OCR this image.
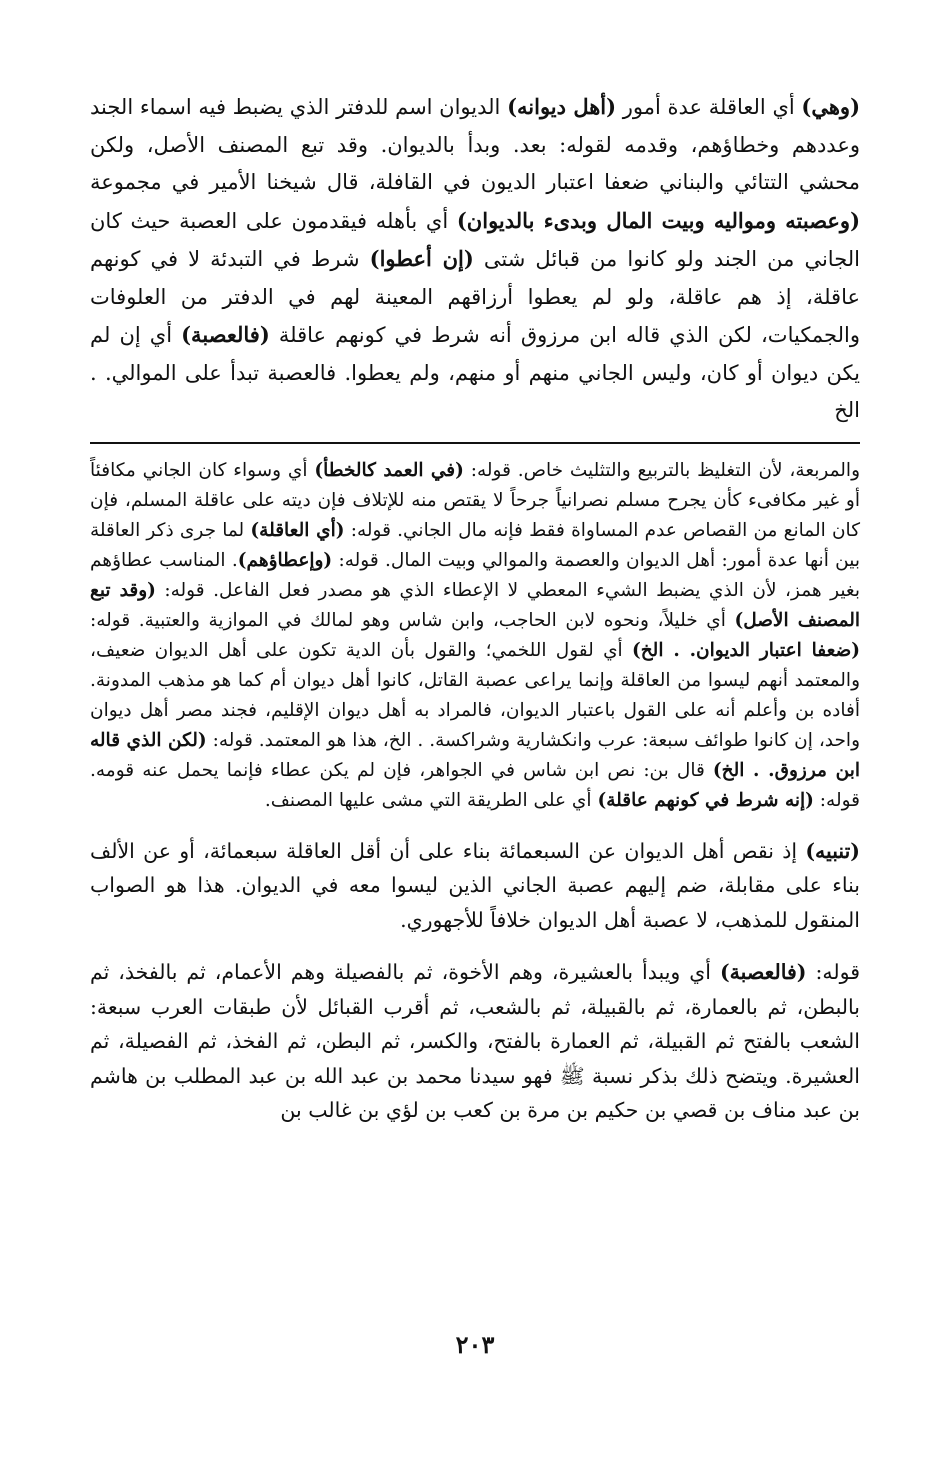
(وهي) أي العاقلة عدة أمور (أهل ديوانه) الديوان اسم للدفتر الذي يضبط فيه اسماء الجند وعددهم وخطاؤهم، وقدمه لقوله: بعد. وبدأ بالديوان. وقد تبع المصنف الأصل، ولكن محشي التتائي والبناني ضعفا اعتبار الديون في القافلة، قال شيخنا الأمير في مجموعة (وعصبته ومواليه وبيت المال وبدىء بالديوان) أي بأهله فيقدمون على العصبة حيث كان الجاني من الجند ولو كانوا من قبائل شتى (إن أعطوا) شرط في التبدئة لا في كونهم عاقلة، إذ هم عاقلة، ولو لم يعطوا أرزاقهم المعينة لهم في الدفتر من العلوفات والجمكيات، لكن الذي قاله ابن مرزوق أنه شرط في كونهم عاقلة (فالعصبة) أي إن لم يكن ديوان أو كان، وليس الجاني منهم أو منهم، ولم يعطوا. فالعصبة تبدأ على الموالي. . الخ

والمربعة، لأن التغليظ بالتربيع والتثليث خاص. قوله: (في العمد كالخطأ) أي وسواء كان الجاني مكافئاً أو غير مكافىء كأن يجرح مسلم نصرانياً جرحاً لا يقتص منه للإتلاف فإن ديته على عاقلة المسلم، فإن كان المانع من القصاص عدم المساواة فقط فإنه مال الجاني. قوله: (أي العاقلة) لما جرى ذكر العاقلة بين أنها عدة أمور: أهل الديوان والعصمة والموالي وبيت المال. قوله: (وإعطاؤهم). المناسب عطاؤهم بغير همز، لأن الذي يضبط الشيء المعطي لا الإعطاء الذي هو مصدر فعل الفاعل. قوله: (وقد تبع المصنف الأصل) أي خليلاً، ونحوه لابن الحاجب، وابن شاس وهو لمالك في الموازية والعتبية. قوله: (ضعفا اعتبار الديوان. . الخ) أي لقول اللخمي؛ والقول بأن الدية تكون على أهل الديوان ضعيف، والمعتمد أنهم ليسوا من العاقلة وإنما يراعى عصبة القاتل، كانوا أهل ديوان أم كما هو مذهب المدونة. أفاده بن وأعلم أنه على القول باعتبار الديوان، فالمراد به أهل ديوان الإقليم، فجند مصر أهل ديوان واحد، إن كانوا طوائف سبعة: عرب وانكشارية وشراكسة. . الخ، هذا هو المعتمد. قوله: (لكن الذي قاله ابن مرزوق. . الخ) قال بن: نص ابن شاس في الجواهر، فإن لم يكن عطاء فإنما يحمل عنه قومه. قوله: (إنه شرط في كونهم عاقلة) أي على الطريقة التي مشى عليها المصنف.

(تنبيه) إذ نقص أهل الديوان عن السبعمائة بناء على أن أقل العاقلة سبعمائة، أو عن الألف بناء على مقابلة، ضم إليهم عصبة الجاني الذين ليسوا معه في الديوان. هذا هو الصواب المنقول للمذهب، لا عصبة أهل الديوان خلافاً للأجهوري.

قوله: (فالعصبة) أي ويبدأ بالعشيرة، وهم الأخوة، ثم بالفصيلة وهم الأعمام، ثم بالفخذ، ثم بالبطن، ثم بالعمارة، ثم بالقبيلة، ثم بالشعب، ثم أقرب القبائل لأن طبقات العرب سبعة: الشعب بالفتح ثم القبيلة، ثم العمارة بالفتح، والكسر، ثم البطن، ثم الفخذ، ثم الفصيلة، ثم العشيرة. ويتضح ذلك بذكر نسبة ﷺ فهو سيدنا محمد بن عبد الله بن عبد المطلب بن هاشم بن عبد مناف بن قصي بن حكيم بن مرة بن كعب بن لؤي بن غالب بن

٢٠٣
